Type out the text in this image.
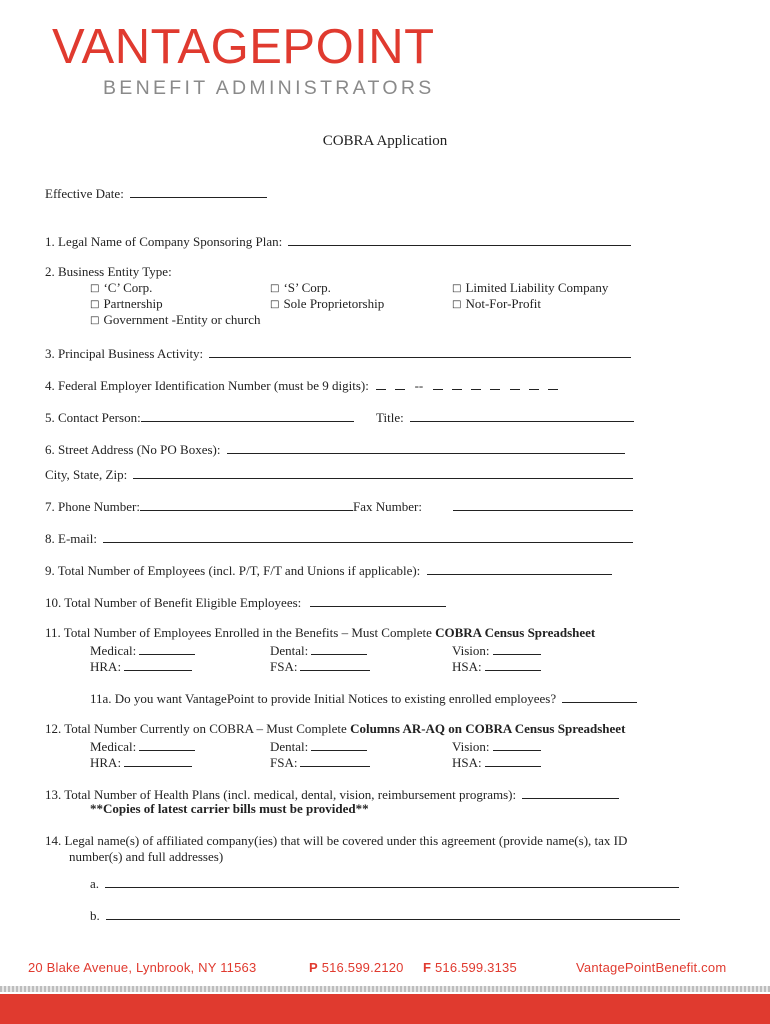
VANTAGEPOINT
BENEFIT ADMINISTRATORS
COBRA Application
Effective Date:
1. Legal Name of Company Sponsoring Plan:
2. Business Entity Type:
□ ‘C’ Corp.	□ ‘S’ Corp.	□ Limited Liability Company
□ Partnership	□ Sole Proprietorship	□ Not-For-Profit
□ Government -Entity or church
3. Principal Business Activity:
4. Federal Employer Identification Number (must be 9 digits):	--
5. Contact Person:	Title:
6. Street Address (No PO Boxes):
City, State, Zip:
7. Phone Number:	Fax Number:
8. E-mail:
9. Total Number of Employees (incl. P/T, F/T and Unions if applicable):
10. Total Number of Benefit Eligible Employees:
11. Total Number of Employees Enrolled in the Benefits – Must Complete COBRA Census Spreadsheet
Medical:	Dental:	Vision:
HRA:	FSA:	HSA:
11a. Do you want VantagePoint to provide Initial Notices to existing enrolled employees?
12. Total Number Currently on COBRA – Must Complete Columns AR-AQ on COBRA Census Spreadsheet
Medical:	Dental:	Vision:
HRA:	FSA:	HSA:
13. Total Number of Health Plans (incl. medical, dental, vision, reimbursement programs):
**Copies of latest carrier bills must be provided**
14. Legal name(s) of affiliated company(ies) that will be covered under this agreement (provide name(s), tax ID
number(s) and full addresses)
a.
b.
20 Blake Avenue, Lynbrook, NY 11563	P 516.599.2120 F 516.599.3135	VantagePointBenefit.com
